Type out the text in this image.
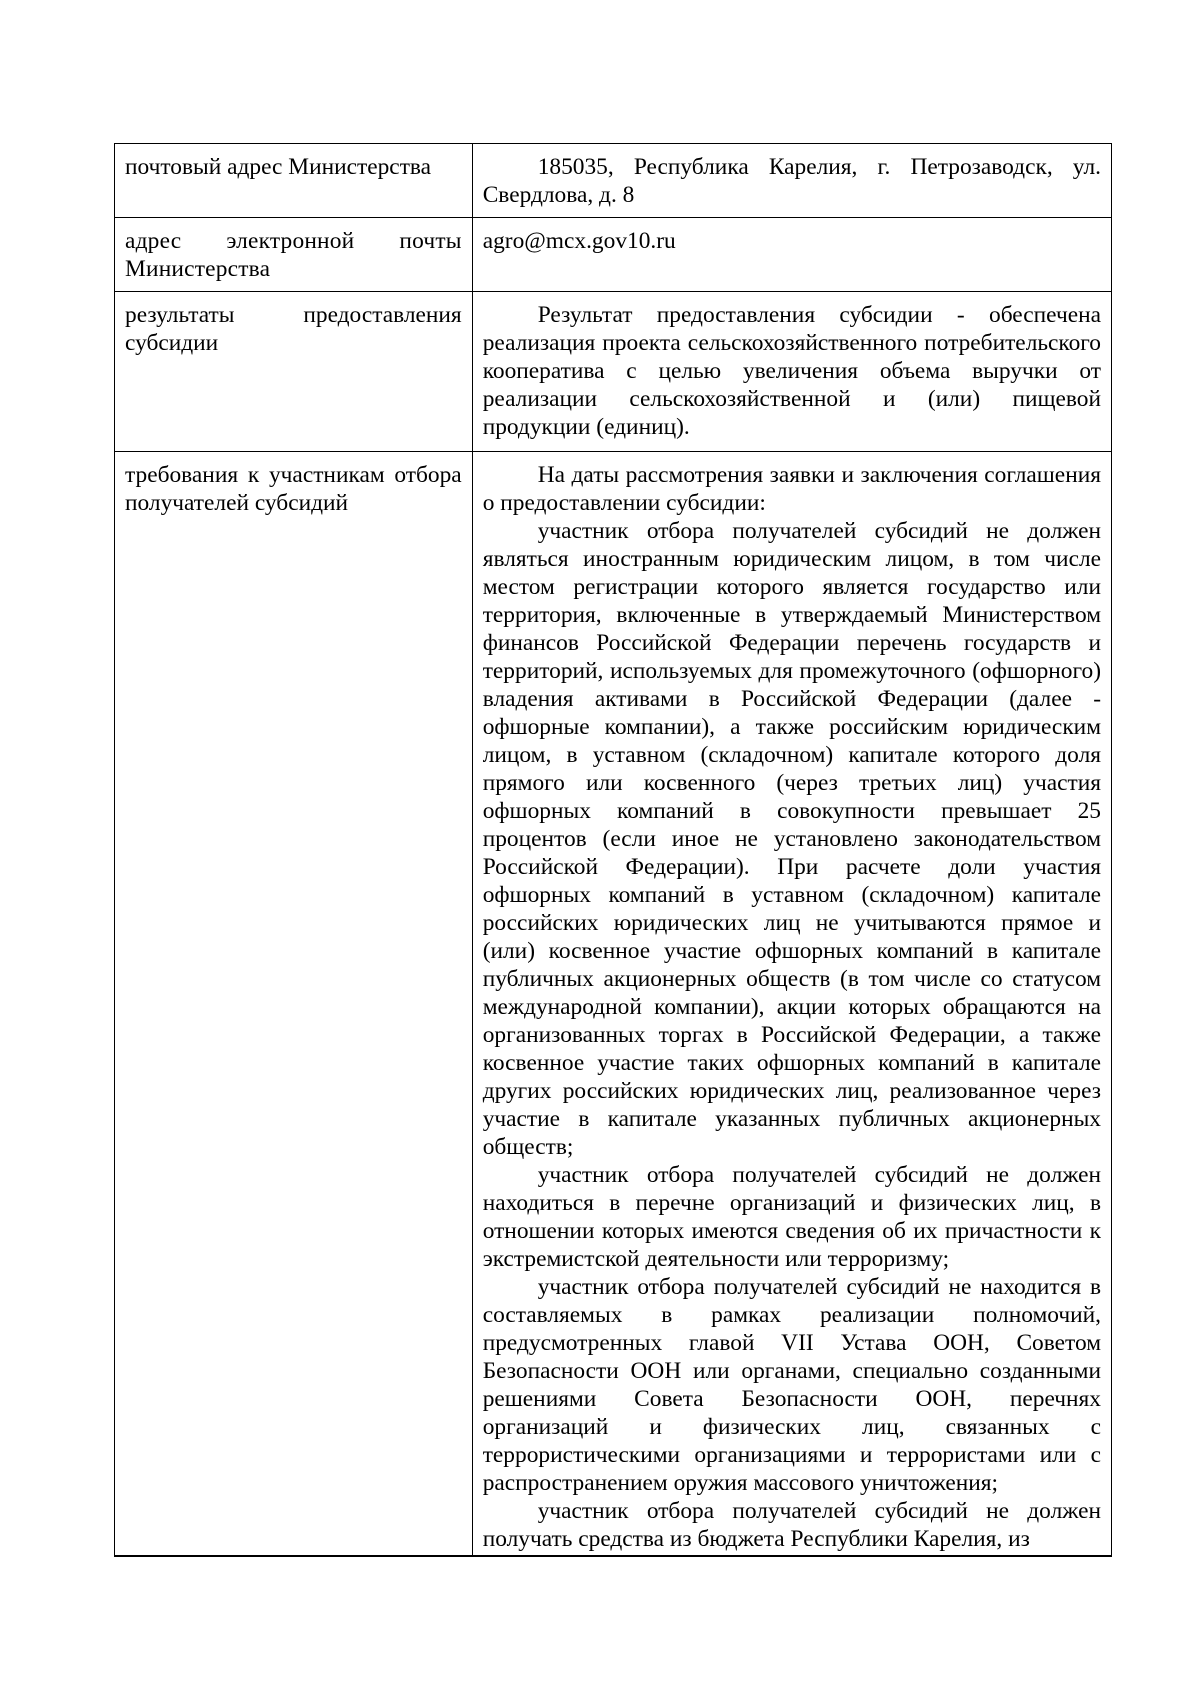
почтовый адрес Министерства	185035, Республика Карелия, г. Петрозаводск, ул. Свердлова, д. 8

адрес электронной почты Министерства	agro@mcx.gov10.ru

результаты предоставления субсидии	Результат предоставления субсидии - обеспечена реализация проекта сельскохозяйственного потребительского кооператива с целью увеличения объема выручки от реализации сельскохозяйственной и (или) пищевой продукции (единиц).

требования к участникам отбора получателей субсидий	На даты рассмотрения заявки и заключения соглашения о предоставлении субсидии:

участник отбора получателей субсидий не должен являться иностранным юридическим лицом, в том числе местом регистрации которого является государство или территория, включенные в утверждаемый Министерством финансов Российской Федерации перечень государств и территорий, используемых для промежуточного (офшорного) владения активами в Российской Федерации (далее - офшорные компании), а также российским юридическим лицом, в уставном (складочном) капитале которого доля прямого или косвенного (через третьих лиц) участия офшорных компаний в совокупности превышает 25 процентов (если иное не установлено законодательством Российской Федерации). При расчете доли участия офшорных компаний в уставном (складочном) капитале российских юридических лиц не учитываются прямое и (или) косвенное участие офшорных компаний в капитале публичных акционерных обществ (в том числе со статусом международной компании), акции которых обращаются на организованных торгах в Российской Федерации, а также косвенное участие таких офшорных компаний в капитале других российских юридических лиц, реализованное через участие в капитале указанных публичных акционерных обществ;

участник отбора получателей субсидий не должен находиться в перечне организаций и физических лиц, в отношении которых имеются сведения об их причастности к экстремистской деятельности или терроризму;

участник отбора получателей субсидий не находится в составляемых в рамках реализации полномочий, предусмотренных главой VII Устава ООН, Советом Безопасности ООН или органами, специально созданными решениями Совета Безопасности ООН, перечнях организаций и физических лиц, связанных с террористическими организациями и террористами или с распространением оружия массового уничтожения;

участник отбора получателей субсидий не должен получать средства из бюджета Республики Карелия, из
